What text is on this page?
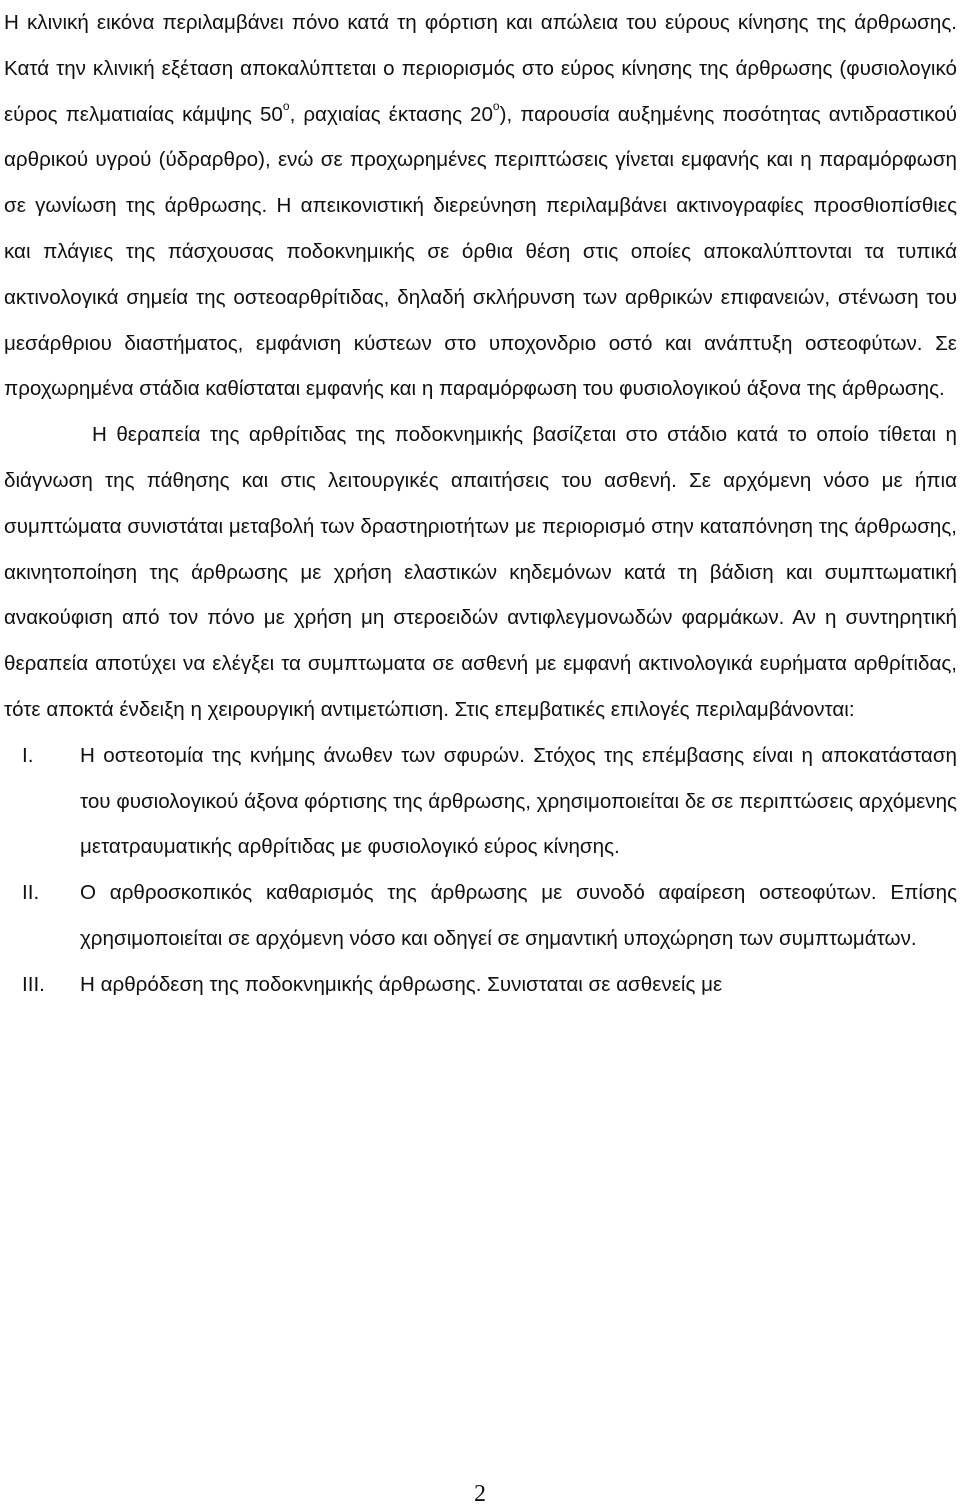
Η κλινική εικόνα περιλαμβάνει πόνο κατά τη φόρτιση και απώλεια του εύρους κίνησης της άρθρωσης. Κατά την κλινική εξέταση αποκαλύπτεται ο περιορισμός στο εύρος κίνησης της άρθρωσης (φυσιολογικό εύρος πελματιαίας κάμψης $50^o$, ραχιαίας έκτασης $20^o$), παρουσία αυξημένης ποσότητας αντιδραστικού αρθρικού υγρού (ύδραρθρο), ενώ σε προχωρημένες περιπτώσεις γίνεται εμφανής και η παραμόρφωση σε γωνίωση της άρθρωσης. Η απεικονιστική διερεύνηση περιλαμβάνει ακτινογραφίες προσθιοπίσθιες και πλάγιες της πάσχουσας ποδοκνημικής σε όρθια θέση στις οποίες αποκαλύπτονται τα τυπικά ακτινολογικά σημεία της οστεοαρθρίτιδας, δηλαδή σκλήρυνση των αρθρικών επιφανειών, στένωση του μεσάρθριου διαστήματος, εμφάνιση κύστεων στο υποχονδριο οστό και ανάπτυξη οστεοφύτων. Σε προχωρημένα στάδια καθίσταται εμφανής και η παραμόρφωση του φυσιολογικού άξονα της άρθρωσης.

Η θεραπεία της αρθρίτιδας της ποδοκνημικής βασίζεται στο στάδιο κατά το οποίο τίθεται η διάγνωση της πάθησης και στις λειτουργικές απαιτήσεις του ασθενή. Σε αρχόμενη νόσο με ήπια συμπτώματα συνιστάται μεταβολή των δραστηριοτήτων με περιορισμό στην καταπόνηση της άρθρωσης, ακινητοποίηση της άρθρωσης με χρήση ελαστικών κηδεμόνων κατά τη βάδιση και συμπτωματική ανακούφιση από τον πόνο με χρήση μη στεροειδών αντιφλεγμονωδών φαρμάκων. Αν η συντηρητική θεραπεία αποτύχει να ελέγξει τα συμπτωματα σε ασθενή με εμφανή ακτινολογικά ευρήματα αρθρίτιδας, τότε αποκτά ένδειξη η χειρουργική αντιμετώπιση. Στις επεμβατικές επιλογές περιλαμβάνονται:

I.	Η οστεοτομία της κνήμης άνωθεν των σφυρών. Στόχος της επέμβασης είναι η αποκατάσταση του φυσιολογικού άξονα φόρτισης της άρθρωσης, χρησιμοποιείται δε σε περιπτώσεις αρχόμενης μετατραυματικής αρθρίτιδας με φυσιολογικό εύρος κίνησης.
II.	Ο αρθροσκοπικός καθαρισμός της άρθρωσης με συνοδό αφαίρεση οστεοφύτων. Επίσης χρησιμοποιείται σε αρχόμενη νόσο και οδηγεί σε σημαντική υποχώρηση των συμπτωμάτων.
III.	Η αρθρόδεση της ποδοκνημικής άρθρωσης. Συνισταται σε ασθενείς με
2
